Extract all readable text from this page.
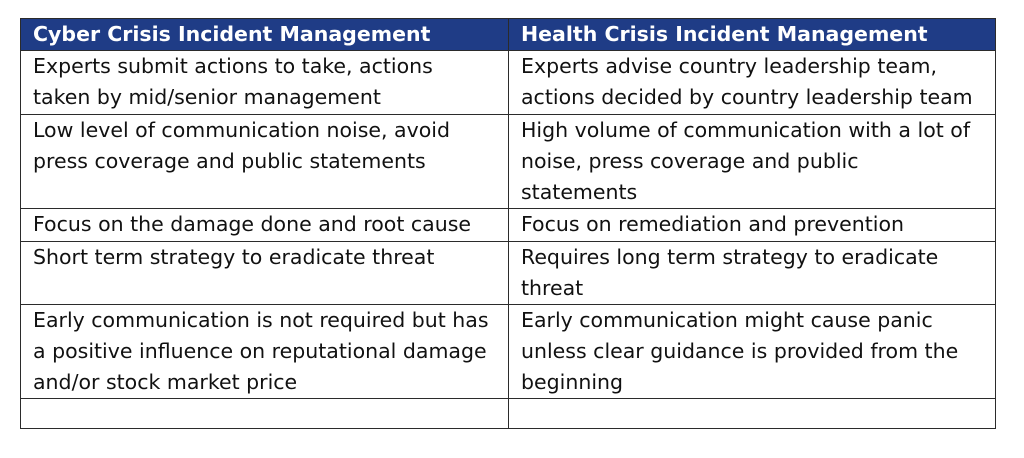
Cyber Crisis Incident Management	Health Crisis Incident Management
Experts submit actions to take, actions
taken by mid/senior management	Experts advise country leadership team,
actions decided by country leadership team
Low level of communication noise, avoid
press coverage and public statements	High volume of communication with a lot of
noise, press coverage and public
statements
Focus on the damage done and root cause	Focus on remediation and prevention
Short term strategy to eradicate threat	Requires long term strategy to eradicate
threat
Early communication is not required but has
a positive influence on reputational damage
and/or stock market price	Early communication might cause panic
unless clear guidance is provided from the
beginning
